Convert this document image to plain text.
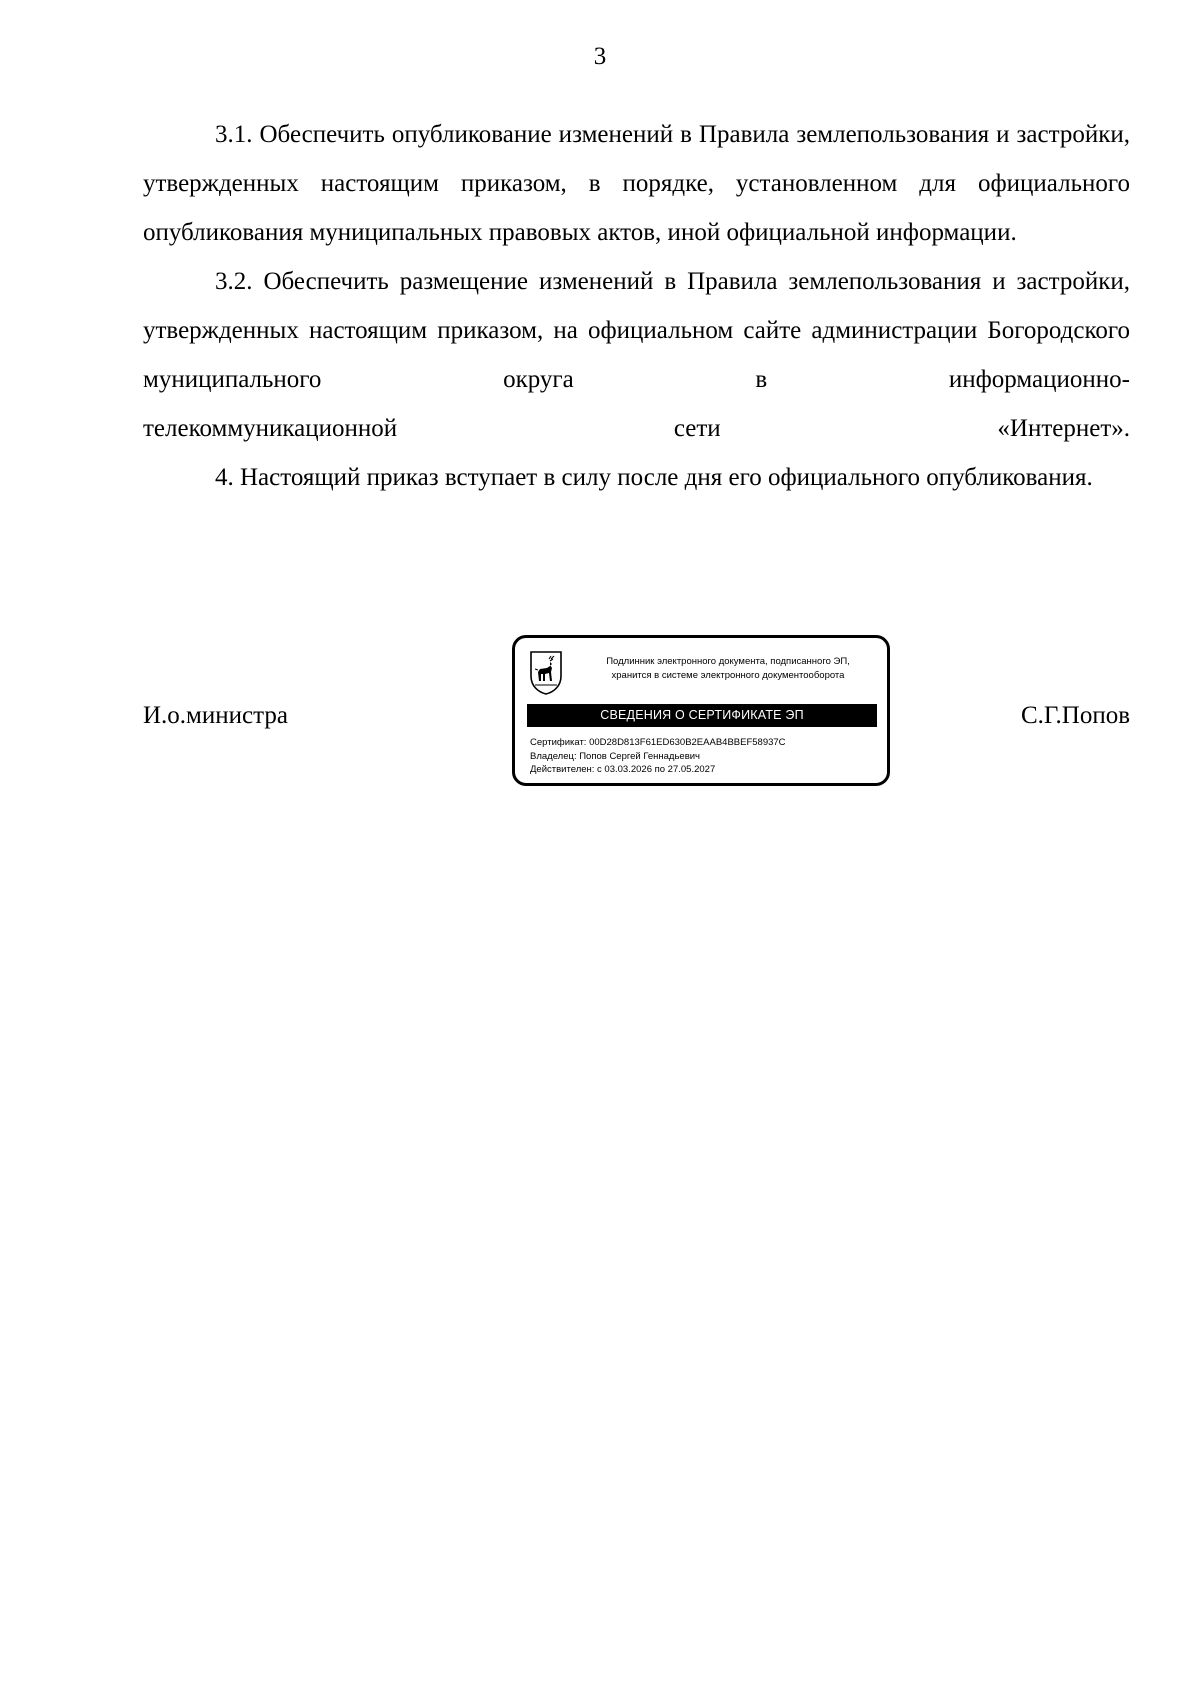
3

3.1. Обеспечить опубликование изменений в Правила землепользования и застройки, утвержденных настоящим приказом, в порядке, установленном для официального опубликования муниципальных правовых актов, иной официальной информации.

3.2. Обеспечить размещение изменений в Правила землепользования и застройки, утвержденных настоящим приказом, на официальном сайте администрации Богородского муниципального округа в информационно-
телекоммуникационной сети «Интернет».

4. Настоящий приказ вступает в силу после дня его официального опубликования.

И.о.министра
Подлинник электронного документа, подписанного ЭП,
хранится в системе электронного документооборота
СВЕДЕНИЯ О СЕРТИФИКАТЕ ЭП
Сертификат: 00D28D813F61ED630B2EAAB4BBEF58937C
Владелец: Попов Сергей Геннадьевич
Действителен: с 03.03.2026 по 27.05.2027
С.Г.Попов
